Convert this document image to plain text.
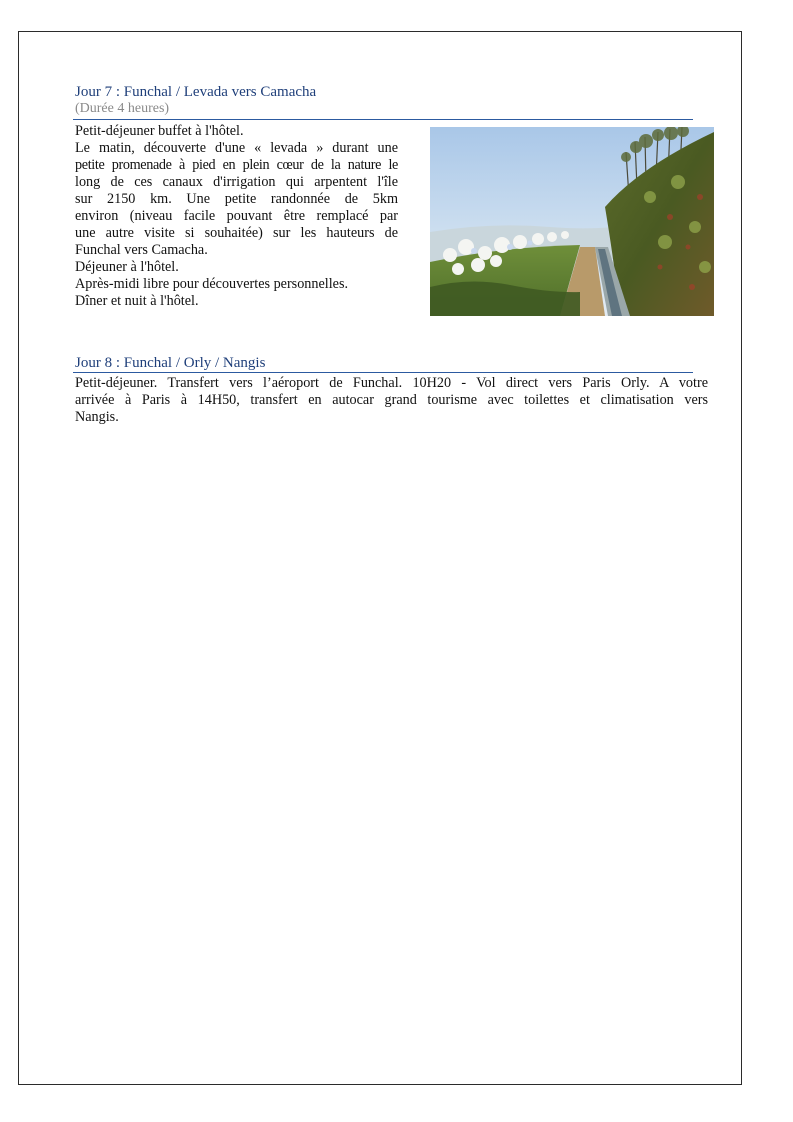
Jour 7 : Funchal / Levada vers Camacha
(Durée 4 heures)
Petit-déjeuner buffet à l'hôtel.
Le matin, découverte d'une « levada » durant une
petite promenade à pied en plein cœur de la nature le
long de ces canaux d'irrigation qui arpentent l'île
sur 2150 km. Une petite randonnée de 5km
environ (niveau facile pouvant être remplacé par
une autre visite si souhaitée) sur les hauteurs de
Funchal vers Camacha.
Déjeuner à l'hôtel.
Après-midi libre pour découvertes personnelles.
Dîner et nuit à l'hôtel.
Jour 8 : Funchal / Orly / Nangis
Petit-déjeuner. Transfert vers l’aéroport de Funchal. 10H20 - Vol direct vers Paris Orly. A votre
arrivée à Paris à 14H50, transfert en autocar grand tourisme avec toilettes et climatisation vers
Nangis.
